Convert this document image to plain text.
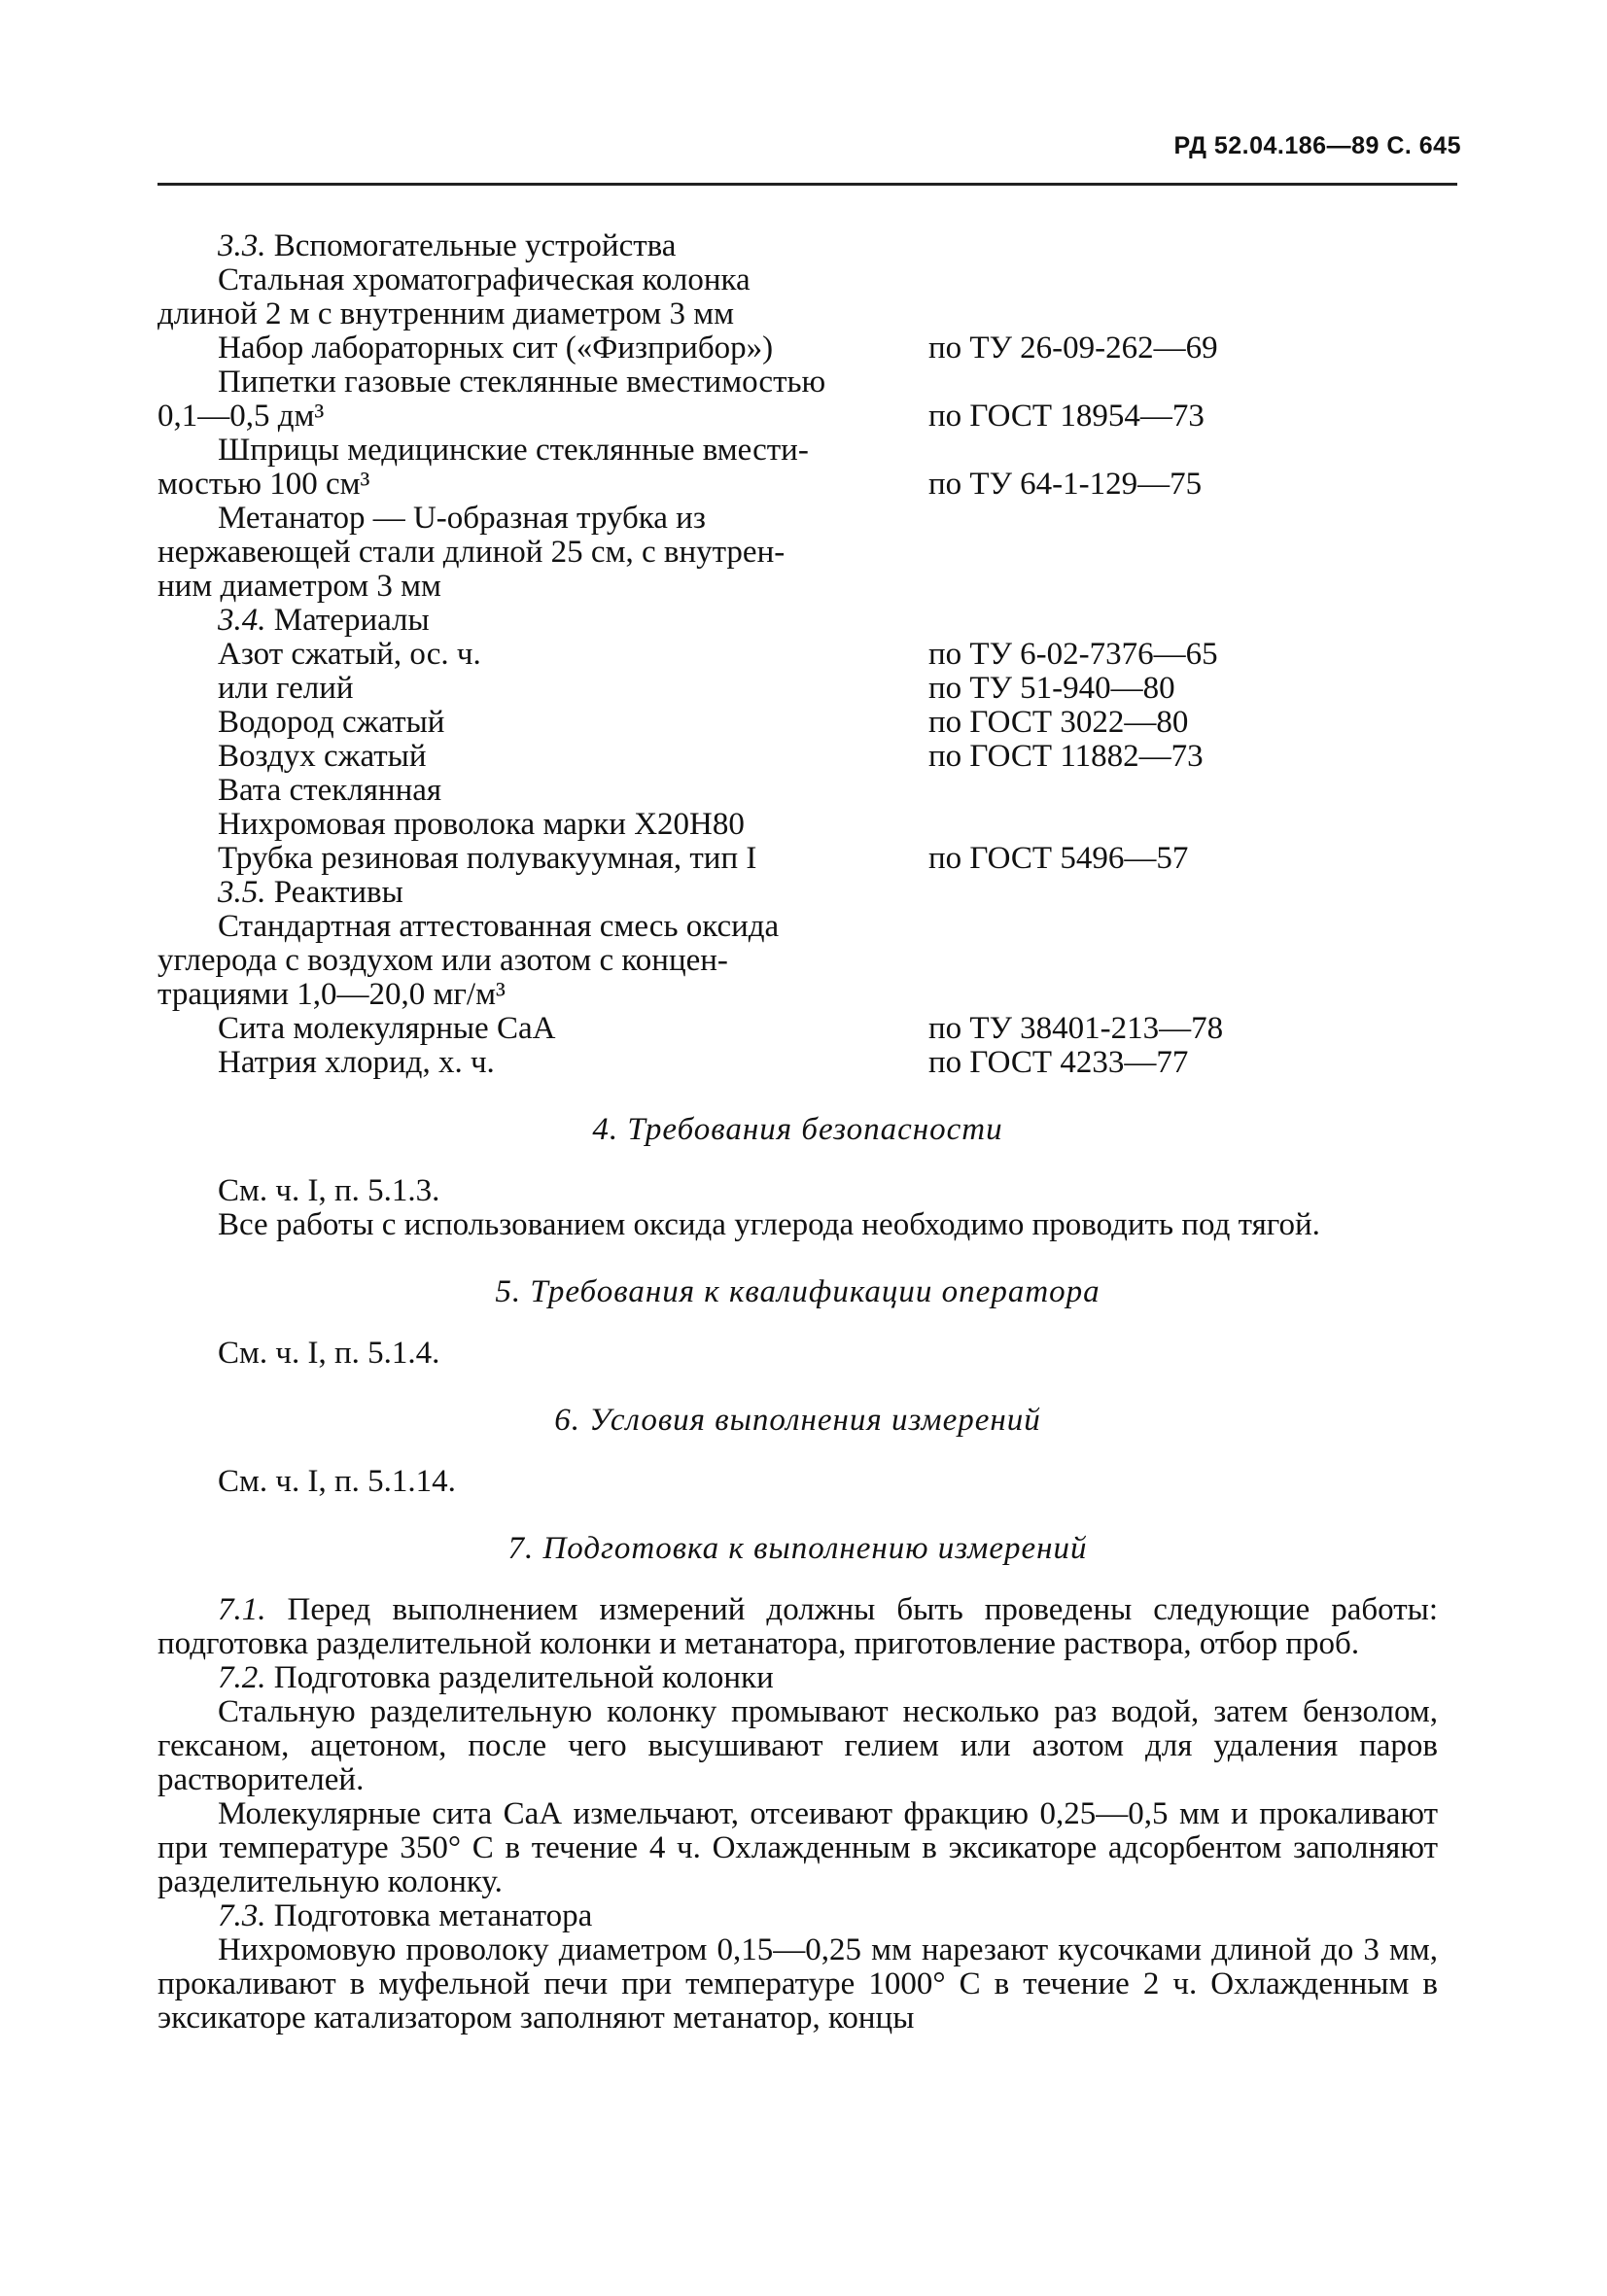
РД 52.04.186—89 С. 645
3.3. Вспомогательные устройства
Стальная хроматографическая колонка
длиной 2 м с внутренним диаметром 3 мм
Набор лабораторных сит («Физприбор»)	по ТУ 26-09-262—69
Пипетки газовые стеклянные вместимостью
0,1—0,5 дм³	по ГОСТ 18954—73
Шприцы медицинские стеклянные вмести-
мостью 100 см³	по ТУ 64-1-129—75
Метанатор — U-образная трубка из
нержавеющей стали длиной 25 см, с внутрен-
ним диаметром 3 мм
3.4. Материалы
Азот сжатый, ос. ч.	по ТУ 6-02-7376—65
или гелий	по ТУ 51-940—80
Водород сжатый	по ГОСТ 3022—80
Воздух сжатый	по ГОСТ 11882—73
Вата стеклянная
Нихромовая проволока марки Х20Н80
Трубка резиновая полувакуумная, тип I	по ГОСТ 5496—57
3.5. Реактивы
Стандартная аттестованная смесь оксида
углерода с воздухом или азотом с концен-
трациями 1,0—20,0 мг/м³
Сита молекулярные СаА	по ТУ 38401-213—78
Натрия хлорид, х. ч.	по ГОСТ 4233—77
4. Требования безопасности
См. ч. I, п. 5.1.3.
Все работы с использованием оксида углерода необходимо проводить под тягой.
5. Требования к квалификации оператора
См. ч. I, п. 5.1.4.
6. Условия выполнения измерений
См. ч. I, п. 5.1.14.
7. Подготовка к выполнению измерений
7.1. Перед выполнением измерений должны быть проведены следующие работы: подготовка разделительной колонки и метанатора, приготовление раствора, отбор проб.
7.2. Подготовка разделительной колонки
Стальную разделительную колонку промывают несколько раз водой, затем бензолом, гексаном, ацетоном, после чего высушивают гелием или азотом для удаления паров растворителей.
Молекулярные сита СаА измельчают, отсеивают фракцию 0,25—0,5 мм и прокаливают при температуре 350° С в течение 4 ч. Охлажденным в эксикаторе адсорбентом заполняют разделительную колонку.
7.3. Подготовка метанатора
Нихромовую проволоку диаметром 0,15—0,25 мм нарезают кусочками длиной до 3 мм, прокаливают в муфельной печи при температуре 1000° С в течение 2 ч. Охлажденным в эксикаторе катализатором заполняют метанатор, концы
